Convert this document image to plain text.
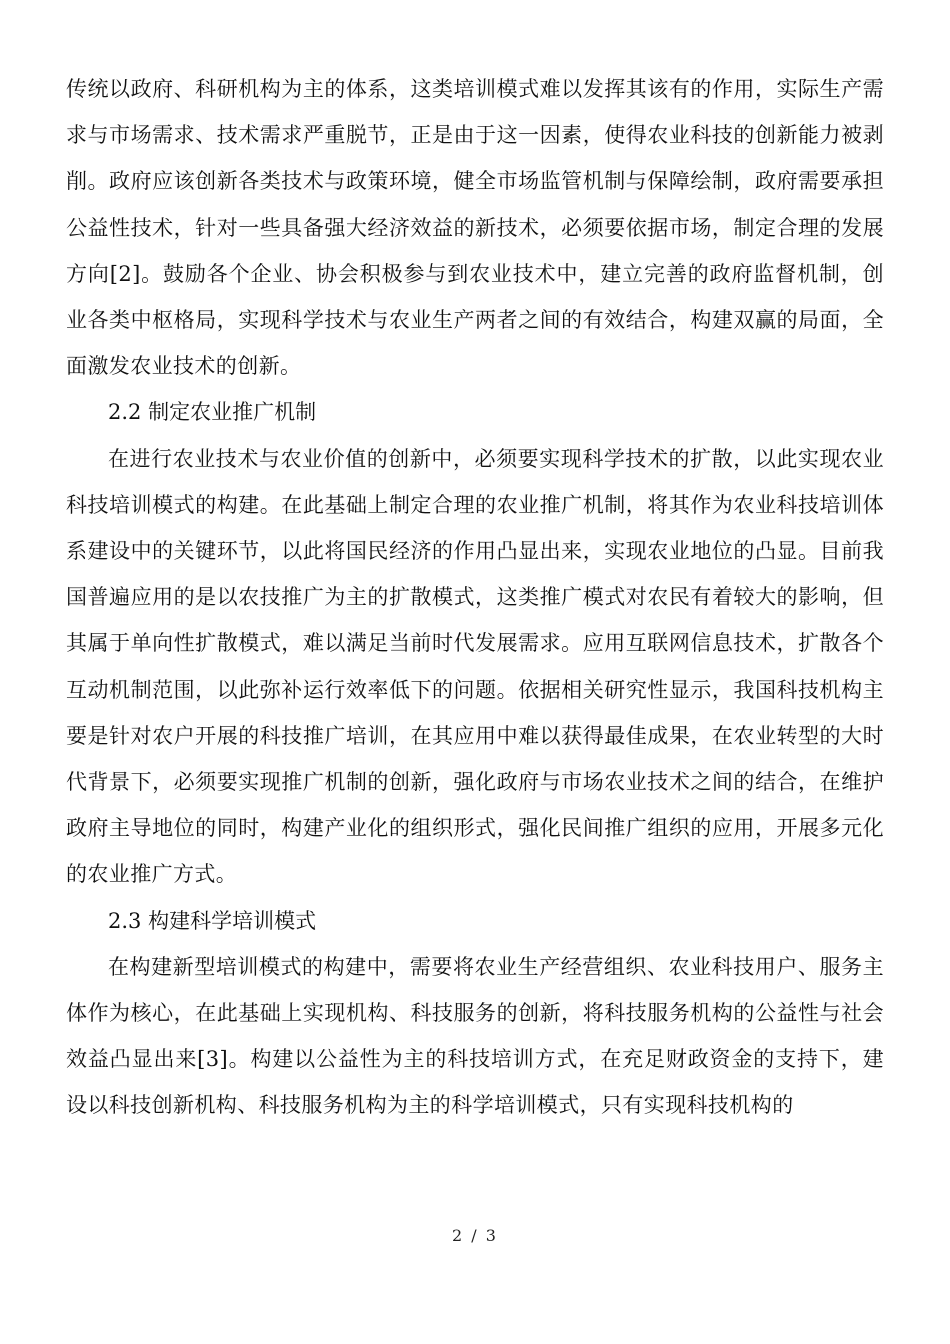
传统以政府、科研机构为主的体系，这类培训模式难以发挥其该有的作用，实际生产需求与市场需求、技术需求严重脱节，正是由于这一因素，使得农业科技的创新能力被剥削。政府应该创新各类技术与政策环境，健全市场监管机制与保障绘制，政府需要承担公益性技术，针对一些具备强大经济效益的新技术，必须要依据市场，制定合理的发展方向[2]。鼓励各个企业、协会积极参与到农业技术中，建立完善的政府监督机制，创业各类中枢格局，实现科学技术与农业生产两者之间的有效结合，构建双赢的局面，全面激发农业技术的创新。

2.2 制定农业推广机制

在进行农业技术与农业价值的创新中，必须要实现科学技术的扩散，以此实现农业科技培训模式的构建。在此基础上制定合理的农业推广机制，将其作为农业科技培训体系建设中的关键环节，以此将国民经济的作用凸显出来，实现农业地位的凸显。目前我国普遍应用的是以农技推广为主的扩散模式，这类推广模式对农民有着较大的影响，但其属于单向性扩散模式，难以满足当前时代发展需求。应用互联网信息技术，扩散各个互动机制范围，以此弥补运行效率低下的问题。依据相关研究性显示，我国科技机构主要是针对农户开展的科技推广培训，在其应用中难以获得最佳成果，在农业转型的大时代背景下，必须要实现推广机制的创新，强化政府与市场农业技术之间的结合，在维护政府主导地位的同时，构建产业化的组织形式，强化民间推广组织的应用，开展多元化的农业推广方式。

2.3 构建科学培训模式

在构建新型培训模式的构建中，需要将农业生产经营组织、农业科技用户、服务主体作为核心，在此基础上实现机构、科技服务的创新，将科技服务机构的公益性与社会效益凸显出来[3]。构建以公益性为主的科技培训方式，在充足财政资金的支持下，建设以科技创新机构、科技服务机构为主的科学培训模式，只有实现科技机构的

2 / 3
